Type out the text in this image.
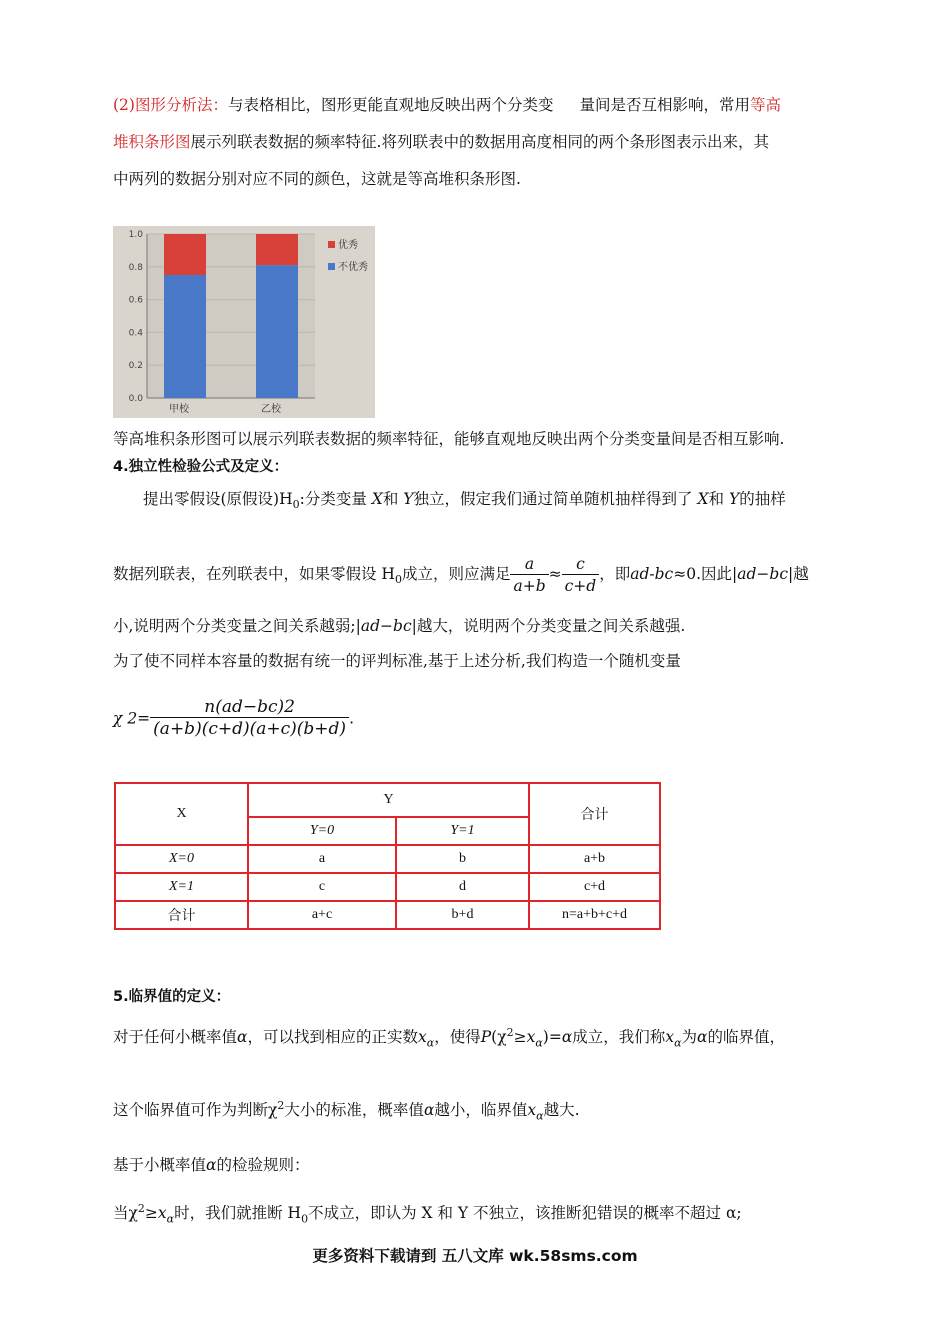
(2)图形分析法：与表格相比，图形更能直观地反映出两个分类变 量间是否互相影响，常用等高
堆积条形图展示列联表数据的频率特征.将列联表中的数据用高度相同的两个条形图表示出来，其
中两列的数据分别对应不同的颜色，这就是等高堆积条形图.
1.0
0.8
0.6
0.4
0.2
0.0
甲校	乙校
优秀
不优秀
等高堆积条形图可以展示列联表数据的频率特征，能够直观地反映出两个分类变量间是否相互影响.
4.独立性检验公式及定义：
提出零假设(原假设)$H_0$:分类变量 X和 Y独立，假定我们通过简单随机抽样得到了 X和 Y的抽样
数据列联表，在列联表中，如果零假设 $H_0$成立，则应满足 $\frac{a}{a+b} \approx \frac{c}{c+d}$ ，即ad-bc≈0.因此|ad−bc|越
小,说明两个分类变量之间关系越弱;|ad−bc|越大，说明两个分类变量之间关系越强.
为了使不同样本容量的数据有统一的评判标准,基于上述分析,我们构造一个随机变量
χ $2= \frac{n(ad-bc)2}{(a+b)(c+d)(a+c)(b+d)}$ .
X	Y		合计
	Y=0	Y=1	
X=0	a	b	a+b
X=1	c	d	c+d
合计	a+c	b+d	n=a+b+c+d
5.临界值的定义：
对于任何小概率值α，可以找到相应的正实数$x_\alpha$，使得$P(\chi^2\ge x_\alpha)=\alpha$成立，我们称$x_\alpha$为α的临界值，
这个临界值可作为判断$\chi^2$大小的标准，概率值α越小，临界值$x_\alpha$越大.
基于小概率值α的检验规则：
当$\chi^2\ge x_\alpha$时，我们就推断 $H_0$不成立，即认为 X 和 Y 不独立，该推断犯错误的概率不超过 α;
更多资料下载请到 五八文库 wk.58sms.com
